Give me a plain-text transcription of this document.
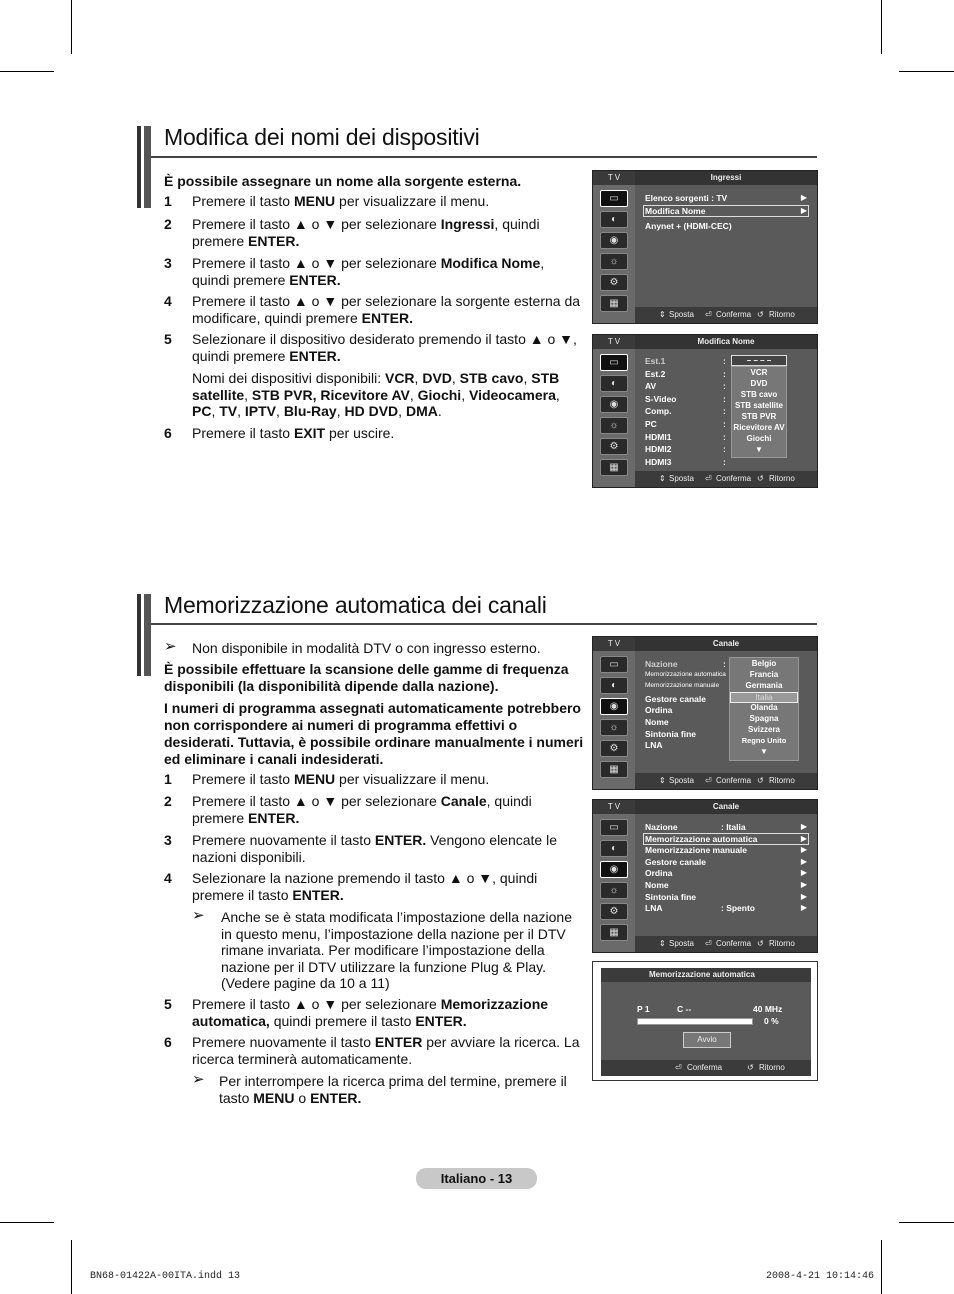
Modifica dei nomi dei dispositivi
È possibile assegnare un nome alla sorgente esterna.
1 Premere il tasto MENU per visualizzare il menu.
2 Premere il tasto ▲ o ▼ per selezionare Ingressi, quindi premere ENTER.
3 Premere il tasto ▲ o ▼ per selezionare Modifica Nome, quindi premere ENTER.
4 Premere il tasto ▲ o ▼ per selezionare la sorgente esterna da modificare, quindi premere ENTER.
5 Selezionare il dispositivo desiderato premendo il tasto ▲ o ▼, quindi premere ENTER.
Nomi dei dispositivi disponibili: VCR, DVD, STB cavo, STB satellite, STB PVR, Ricevitore AV, Giochi, Videocamera, PC, TV, IPTV, Blu-Ray, HD DVD, DMA.
6 Premere il tasto EXIT per uscire.
T V	Ingressi
▭
◐
◉
☼
⚙
▦
Elenco sorgenti : TV	▶
Modifica Nome	▶
Anynet + (HDMI-CEC)
⇕ Sposta ⏎ Conferma ↺ Ritorno
T V	Modifica Nome
▭
◐
◉
☼
⚙
▦
Est.1	:
Est.2	:
AV	:
S-Video	:
Comp.	:
PC	:
HDMI1	:
HDMI2	:
HDMI3	:
– – – –
VCR
DVD
STB cavo
STB satellite
STB PVR
Ricevitore AV
Giochi
▼
⇕ Sposta ⏎ Conferma ↺ Ritorno
Memorizzazione automatica dei canali
➢ Non disponibile in modalità DTV o con ingresso esterno.
È possibile effettuare la scansione delle gamme di frequenza disponibili (la disponibilità dipende dalla nazione).
I numeri di programma assegnati automaticamente potrebbero non corrispondere ai numeri di programma effettivi o desiderati. Tuttavia, è possibile ordinare manualmente i numeri ed eliminare i canali indesiderati.
1 Premere il tasto MENU per visualizzare il menu.
2 Premere il tasto ▲ o ▼ per selezionare Canale, quindi premere ENTER.
3 Premere nuovamente il tasto ENTER. Vengono elencate le nazioni disponibili.
4 Selezionare la nazione premendo il tasto ▲ o ▼, quindi premere il tasto ENTER.
5 Premere il tasto ▲ o ▼ per selezionare Memorizzazione automatica, quindi premere il tasto ENTER.
6 Premere nuovamente il tasto ENTER per avviare la ricerca. La ricerca terminerà automaticamente.
➢ Anche se è stata modificata l’impostazione della nazione in questo menu, l’impostazione della nazione per il DTV rimane invariata. Per modificare l’impostazione della nazione per il DTV utilizzare la funzione Plug & Play. (Vedere pagine da 10 a 11)
➢ Per interrompere la ricerca prima del termine, premere il tasto MENU o ENTER.
T V	Canale
▭
◐
◉
☼
⚙
▦
Nazione
Memorizzazione automatica
Memorizzazione manuale
Gestore canale
Ordina
Nome
Sintonia fine
LNA
:	Belgio
Francia
Germania
Italia
Olanda
Spagna
Svizzera
Regno Unito
▼
⇕ Sposta ⏎ Conferma ↺ Ritorno
T V	Canale
▭
◐
◉
☼
⚙
▦
Nazione	▶
Memorizzazione automatica	▶
Memorizzazione manuale	▶
Gestore canale	▶
Ordina	▶
Nome	▶
Sintonia fine	▶
LNA	▶
: Italia
: Spento
⇕ Sposta ⏎ Conferma ↺ Ritorno
Memorizzazione automatica
P 1	C --	40 MHz
0 %
Avvio
⏎ Conferma	↺ Ritorno
Italiano - 13
BN68-01422A-00ITA.indd 13	2008-4-21 10:14:46
